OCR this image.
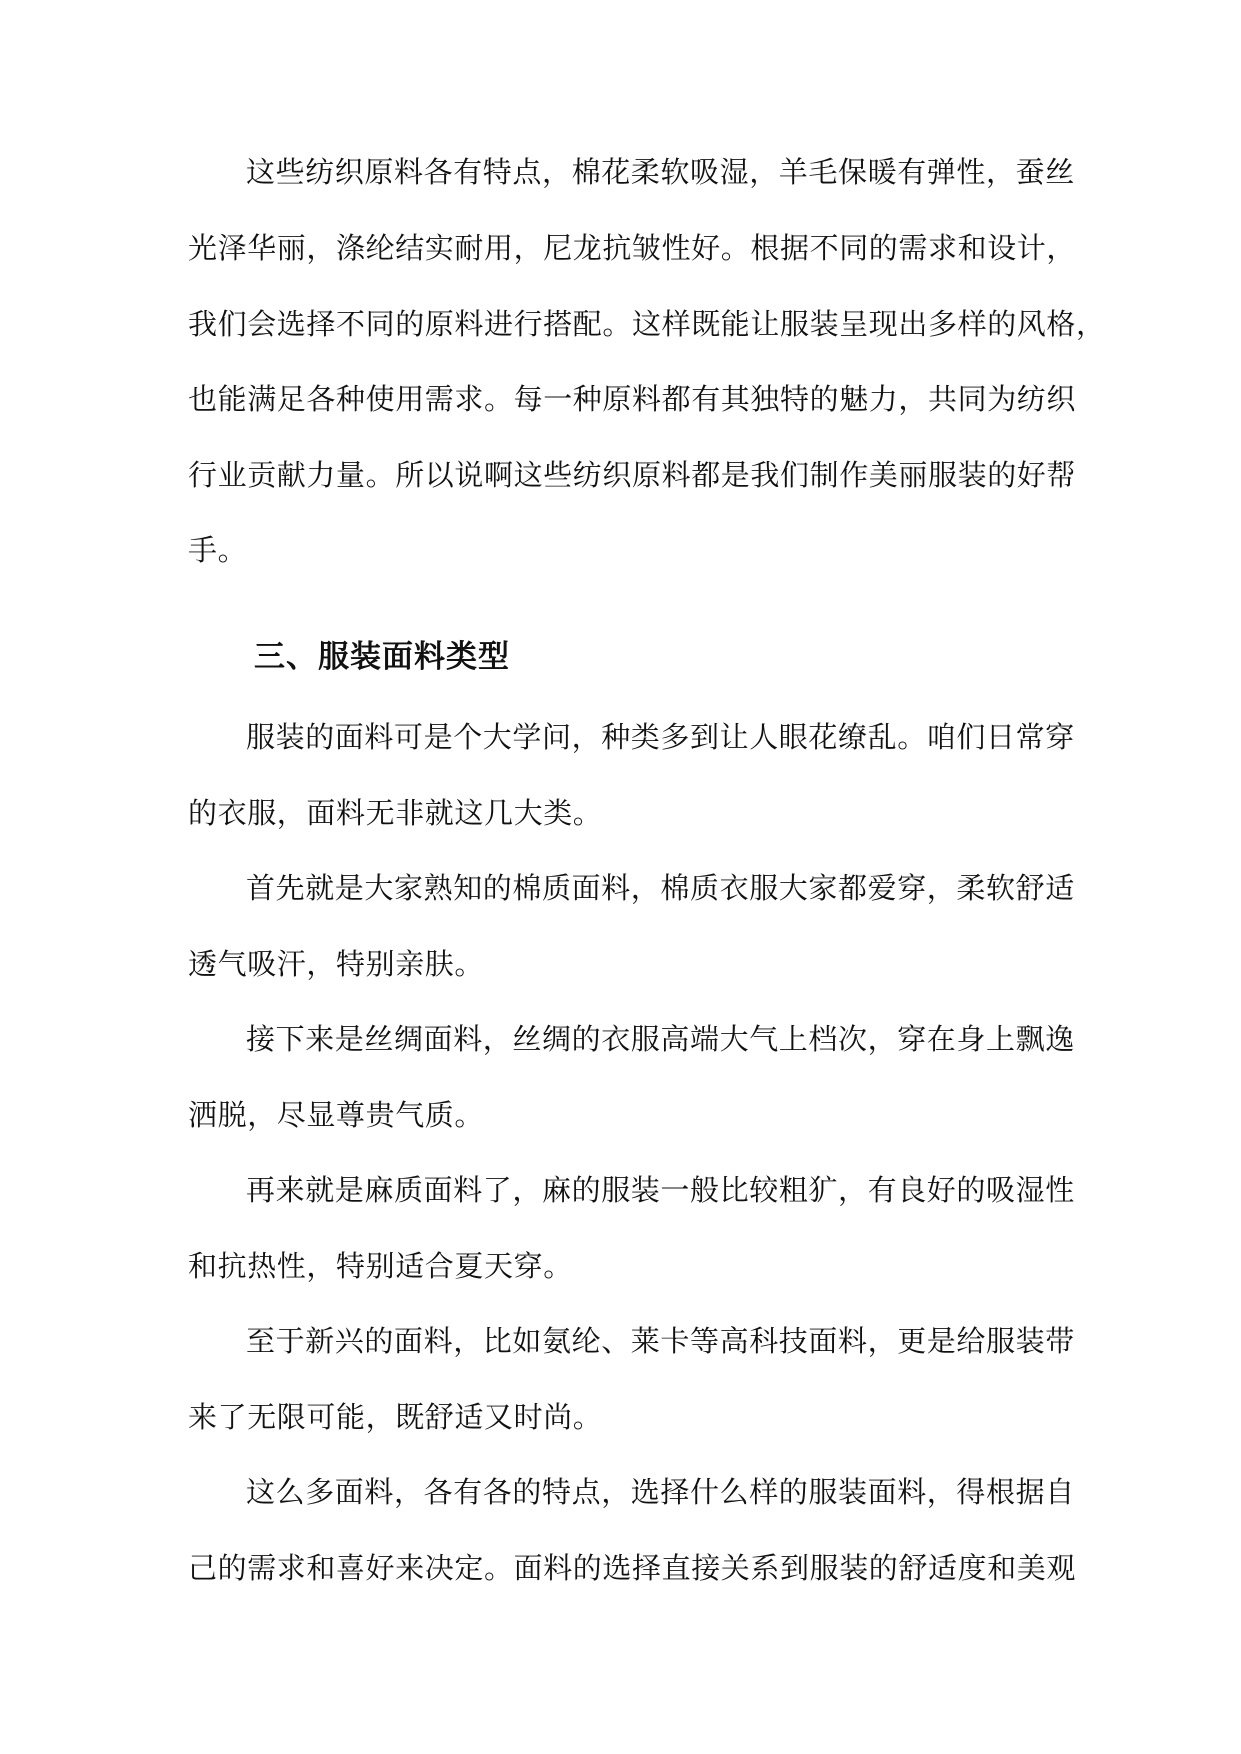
这些纺织原料各有特点，棉花柔软吸湿，羊毛保暖有弹性，蚕丝
光泽华丽，涤纶结实耐用，尼龙抗皱性好。根据不同的需求和设计，
我们会选择不同的原料进行搭配。这样既能让服装呈现出多样的风格，
也能满足各种使用需求。每一种原料都有其独特的魅力，共同为纺织
行业贡献力量。所以说啊这些纺织原料都是我们制作美丽服装的好帮
手。
三、服装面料类型
服装的面料可是个大学问，种类多到让人眼花缭乱。咱们日常穿
的衣服，面料无非就这几大类。
首先就是大家熟知的棉质面料，棉质衣服大家都爱穿，柔软舒适
透气吸汗，特别亲肤。
接下来是丝绸面料，丝绸的衣服高端大气上档次，穿在身上飘逸
洒脱，尽显尊贵气质。
再来就是麻质面料了，麻的服装一般比较粗犷，有良好的吸湿性
和抗热性，特别适合夏天穿。
至于新兴的面料，比如氨纶、莱卡等高科技面料，更是给服装带
来了无限可能，既舒适又时尚。
这么多面料，各有各的特点，选择什么样的服装面料，得根据自
己的需求和喜好来决定。面料的选择直接关系到服装的舒适度和美观
